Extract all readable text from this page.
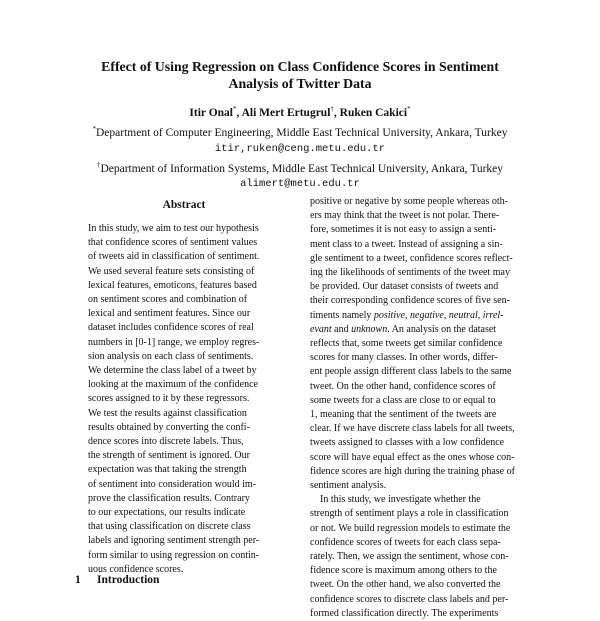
Effect of Using Regression on Class Confidence Scores in Sentiment
Analysis of Twitter Data
Itir Onal*, Ali Mert Ertugrul†, Ruken Cakici*
*Department of Computer Engineering, Middle East Technical University, Ankara, Turkey
itir,ruken@ceng.metu.edu.tr
†Department of Information Systems, Middle East Technical University, Ankara, Turkey
alimert@metu.edu.tr
Abstract
In this study, we aim to test our hypothesis
that confidence scores of sentiment values
of tweets aid in classification of sentiment.
We used several feature sets consisting of
lexical features, emoticons, features based
on sentiment scores and combination of
lexical and sentiment features. Since our
dataset includes confidence scores of real
numbers in [0-1] range, we employ regres-
sion analysis on each class of sentiments.
We determine the class label of a tweet by
looking at the maximum of the confidence
scores assigned to it by these regressors.
We test the results against classification
results obtained by converting the confi-
dence scores into discrete labels. Thus,
the strength of sentiment is ignored. Our
expectation was that taking the strength
of sentiment into consideration would im-
prove the classification results. Contrary
to our expectations, our results indicate
that using classification on discrete class
labels and ignoring sentiment strength per-
form similar to using regression on contin-
uous confidence scores.
1 Introduction
positive or negative by some people whereas oth-
ers may think that the tweet is not polar. There-
fore, sometimes it is not easy to assign a senti-
ment class to a tweet. Instead of assigning a sin-
gle sentiment to a tweet, confidence scores reflect-
ing the likelihoods of sentiments of the tweet may
be provided. Our dataset consists of tweets and
their corresponding confidence scores of five sen-
timents namely positive, negative, neutral, irrel-
evant and unknown. An analysis on the dataset
reflects that, some tweets get similar confidence
scores for many classes. In other words, differ-
ent people assign different class labels to the same
tweet. On the other hand, confidence scores of
some tweets for a class are close to or equal to
1, meaning that the sentiment of the tweets are
clear. If we have discrete class labels for all tweets,
tweets assigned to classes with a low confidence
score will have equal effect as the ones whose con-
fidence scores are high during the training phase of
sentiment analysis.
In this study, we investigate whether the
strength of sentiment plays a role in classification
or not. We build regression models to estimate the
confidence scores of tweets for each class sepa-
rately. Then, we assign the sentiment, whose con-
fidence score is maximum among others to the
tweet. On the other hand, we also converted the
confidence scores to discrete class labels and per-
formed classification directly. The experiments
